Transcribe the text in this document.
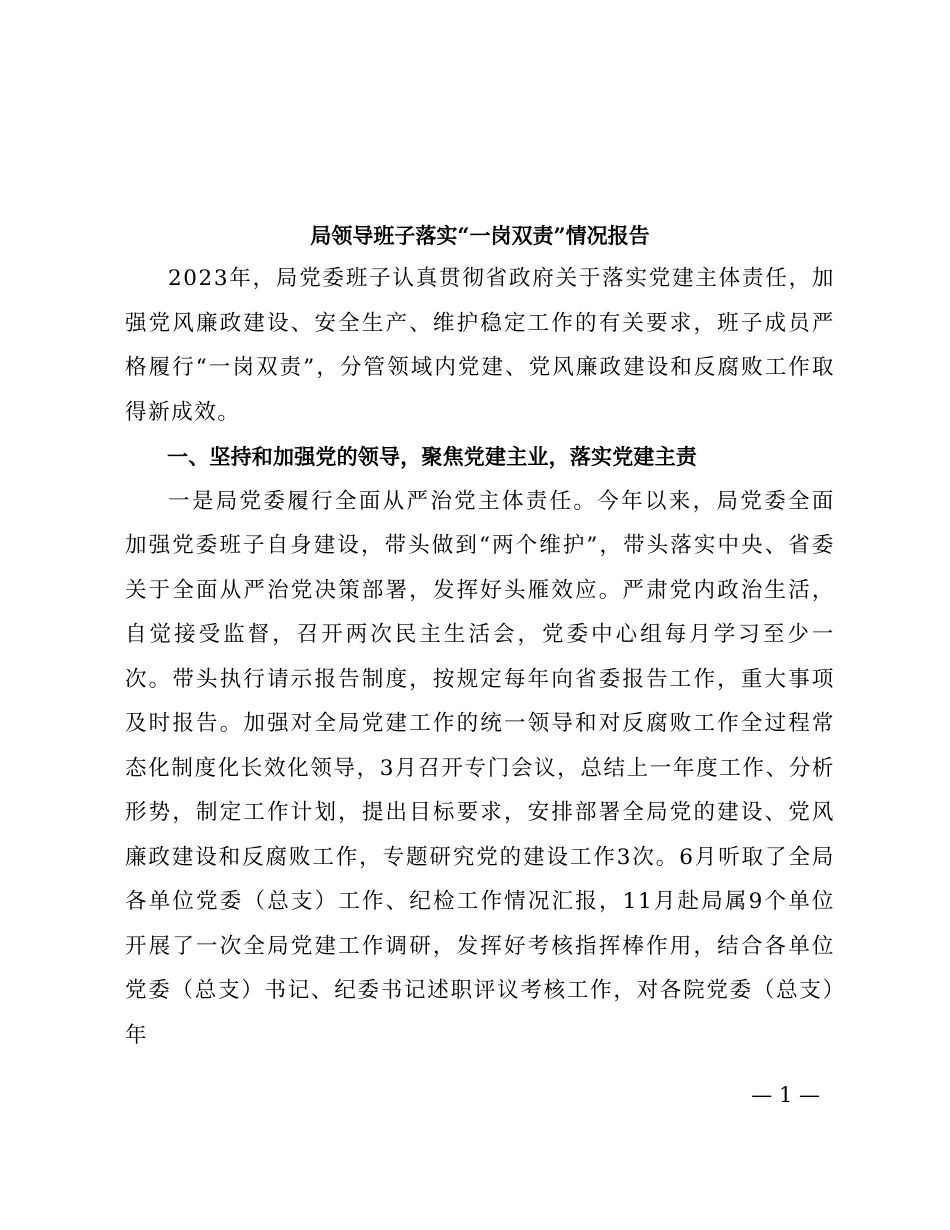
局领导班子落实“一岗双责”情况报告

2023年，局党委班子认真贯彻省政府关于落实党建主体责任，加强党风廉政建设、安全生产、维护稳定工作的有关要求，班子成员严格履行“一岗双责”，分管领域内党建、党风廉政建设和反腐败工作取得新成效。

一、坚持和加强党的领导，聚焦党建主业，落实党建主责

一是局党委履行全面从严治党主体责任。今年以来，局党委全面加强党委班子自身建设，带头做到“两个维护”，带头落实中央、省委关于全面从严治党决策部署，发挥好头雁效应。严肃党内政治生活，自觉接受监督，召开两次民主生活会，党委中心组每月学习至少一次。带头执行请示报告制度，按规定每年向省委报告工作，重大事项及时报告。加强对全局党建工作的统一领导和对反腐败工作全过程常态化制度化长效化领导，3月召开专门会议，总结上一年度工作、分析形势，制定工作计划，提出目标要求，安排部署全局党的建设、党风廉政建设和反腐败工作，专题研究党的建设工作3次。6月听取了全局各单位党委（总支）工作、纪检工作情况汇报，11月赴局属9个单位开展了一次全局党建工作调研，发挥好考核指挥棒作用，结合各单位党委（总支）书记、纪委书记述职评议考核工作，对各院党委（总支）年

— 1 —
